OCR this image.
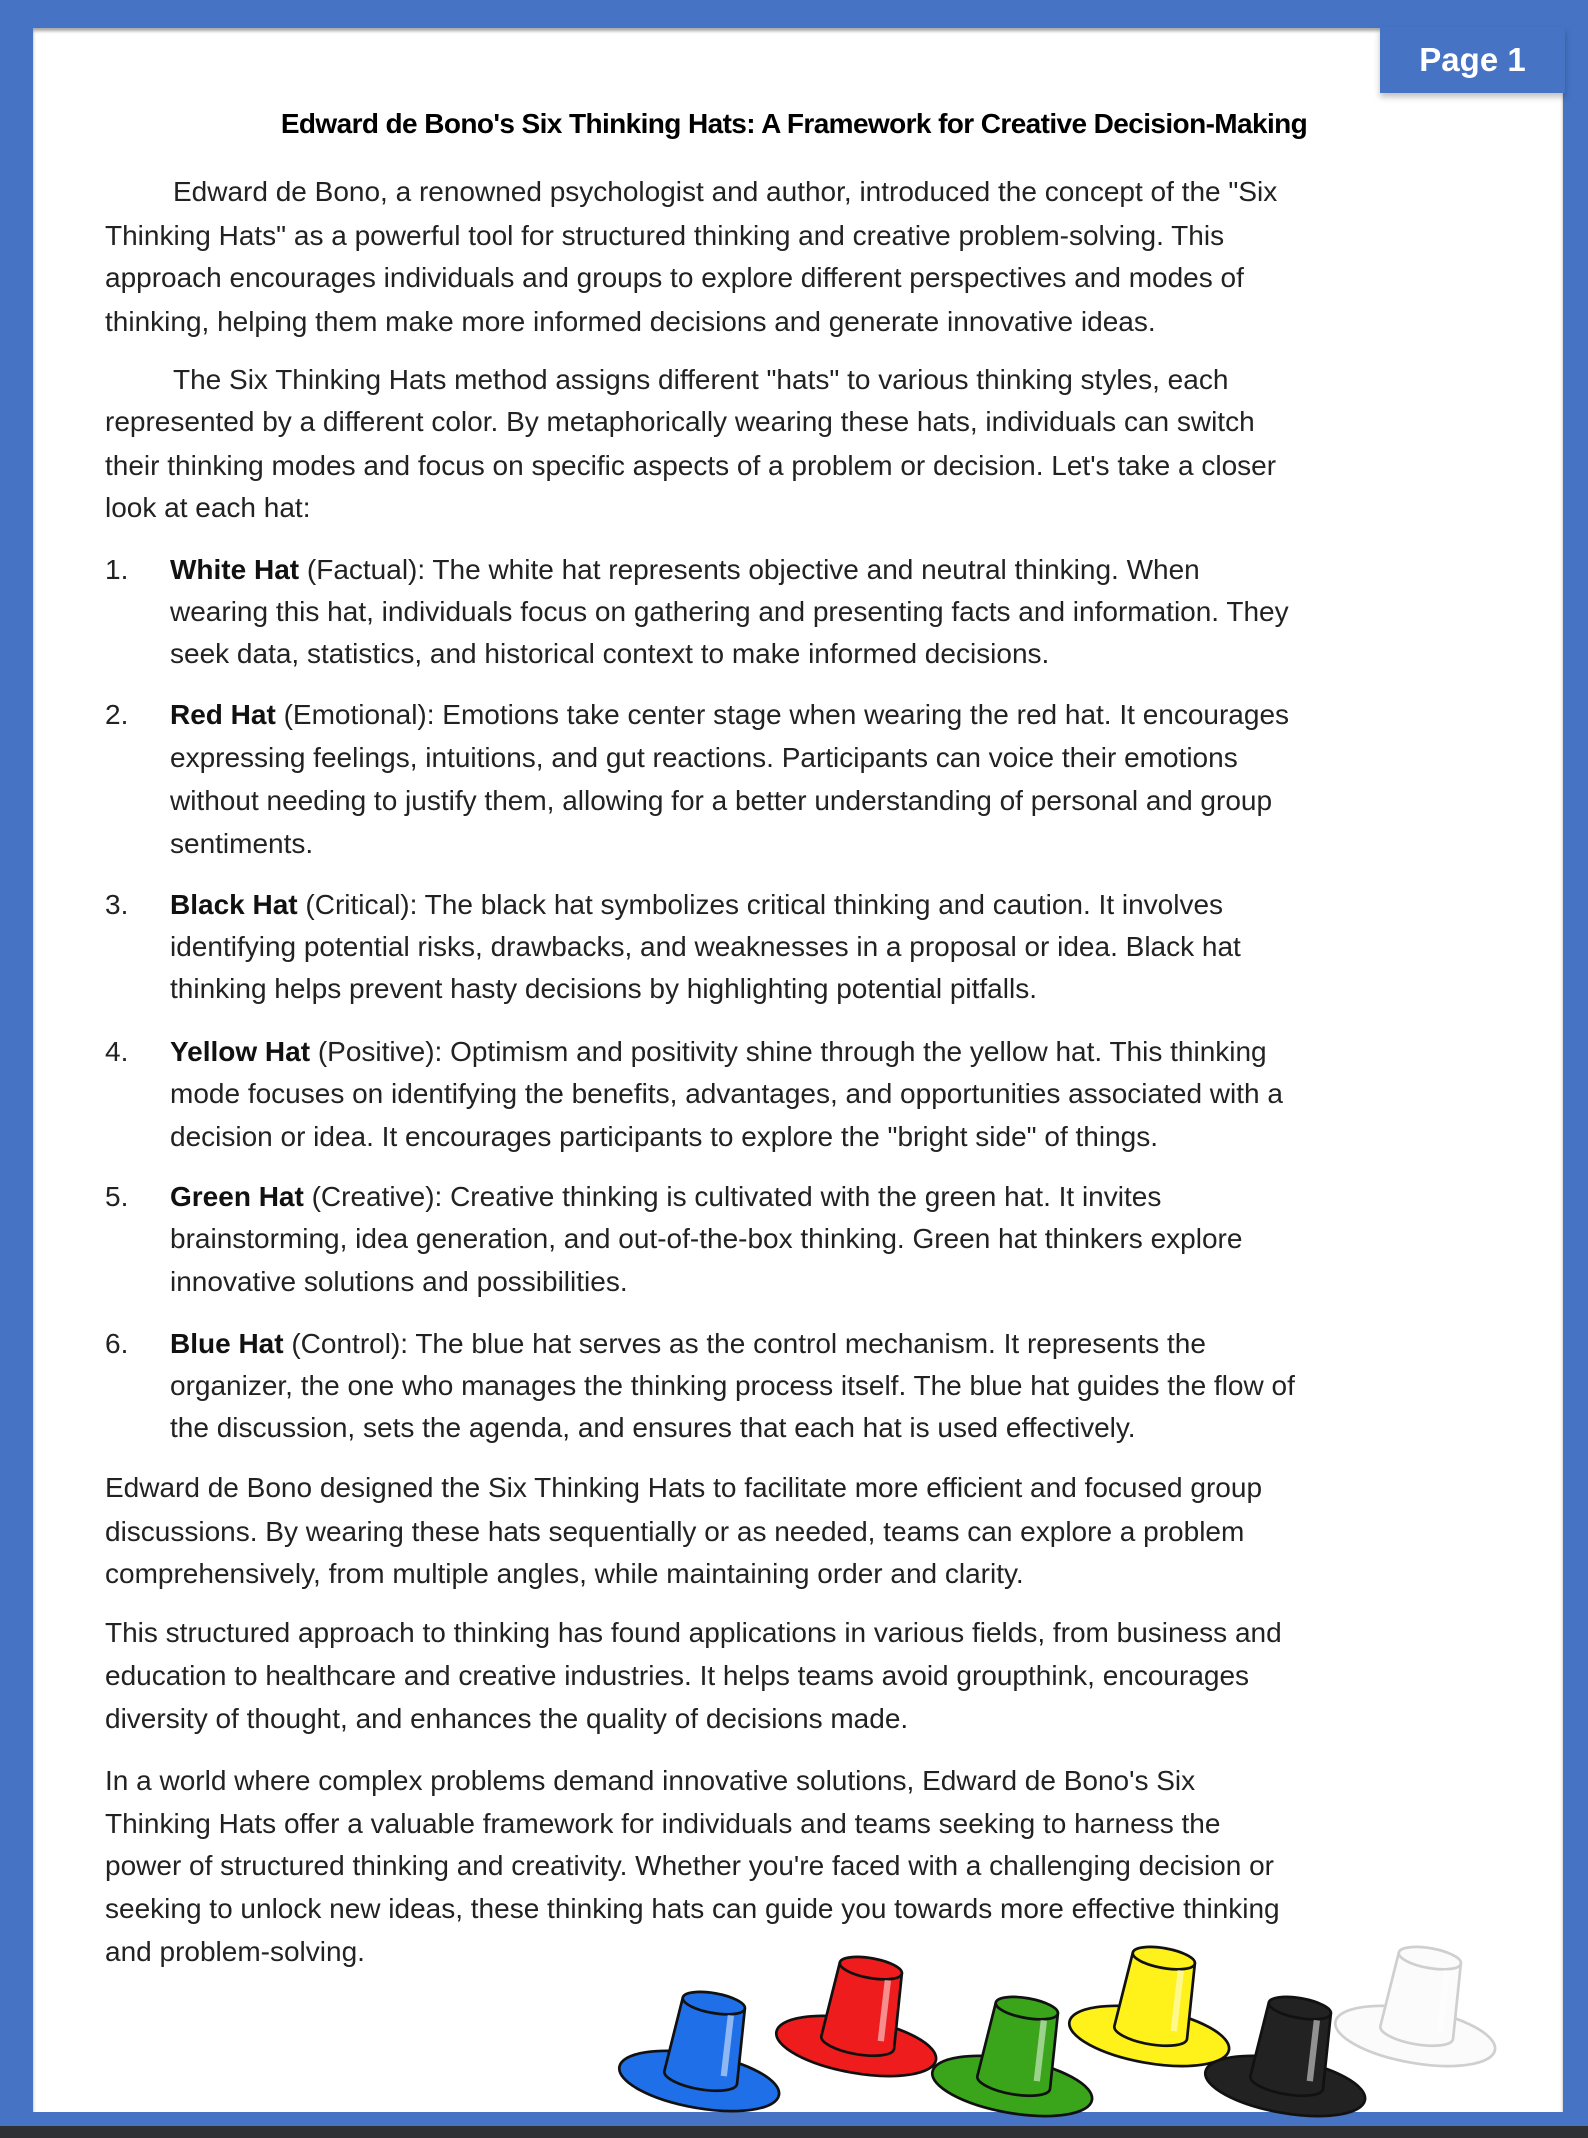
Page 1
Edward de Bono's Six Thinking Hats: A Framework for Creative Decision-Making
Edward de Bono, a renowned psychologist and author, introduced the concept of the "Six
Thinking Hats" as a powerful tool for structured thinking and creative problem-solving. This
approach encourages individuals and groups to explore different perspectives and modes of
thinking, helping them make more informed decisions and generate innovative ideas.
The Six Thinking Hats method assigns different "hats" to various thinking styles, each
represented by a different color. By metaphorically wearing these hats, individuals can switch
their thinking modes and focus on specific aspects of a problem or decision. Let's take a closer
look at each hat:
1. White Hat (Factual): The white hat represents objective and neutral thinking. When
wearing this hat, individuals focus on gathering and presenting facts and information. They
seek data, statistics, and historical context to make informed decisions.
2. Red Hat (Emotional): Emotions take center stage when wearing the red hat. It encourages
expressing feelings, intuitions, and gut reactions. Participants can voice their emotions
without needing to justify them, allowing for a better understanding of personal and group
sentiments.
3. Black Hat (Critical): The black hat symbolizes critical thinking and caution. It involves
identifying potential risks, drawbacks, and weaknesses in a proposal or idea. Black hat
thinking helps prevent hasty decisions by highlighting potential pitfalls.
4. Yellow Hat (Positive): Optimism and positivity shine through the yellow hat. This thinking
mode focuses on identifying the benefits, advantages, and opportunities associated with a
decision or idea. It encourages participants to explore the "bright side" of things.
5. Green Hat (Creative): Creative thinking is cultivated with the green hat. It invites
brainstorming, idea generation, and out-of-the-box thinking. Green hat thinkers explore
innovative solutions and possibilities.
6. Blue Hat (Control): The blue hat serves as the control mechanism. It represents the
organizer, the one who manages the thinking process itself. The blue hat guides the flow of
the discussion, sets the agenda, and ensures that each hat is used effectively.
Edward de Bono designed the Six Thinking Hats to facilitate more efficient and focused group
discussions. By wearing these hats sequentially or as needed, teams can explore a problem
comprehensively, from multiple angles, while maintaining order and clarity.
This structured approach to thinking has found applications in various fields, from business and
education to healthcare and creative industries. It helps teams avoid groupthink, encourages
diversity of thought, and enhances the quality of decisions made.
In a world where complex problems demand innovative solutions, Edward de Bono's Six
Thinking Hats offer a valuable framework for individuals and teams seeking to harness the
power of structured thinking and creativity. Whether you're faced with a challenging decision or
seeking to unlock new ideas, these thinking hats can guide you towards more effective thinking
and problem-solving.
